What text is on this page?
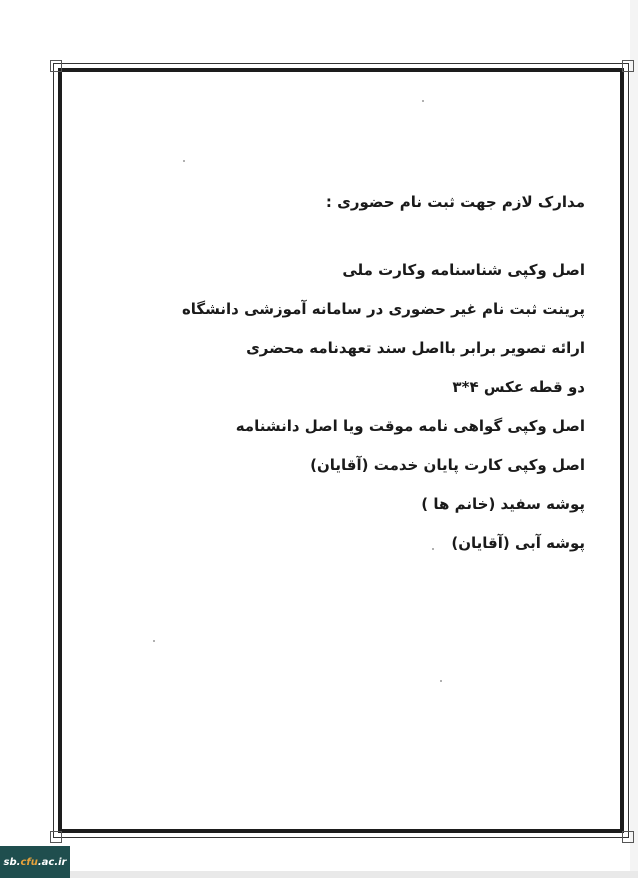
مدارک لازم جهت ثبت نام حضوری :
اصل وکپی شناسنامه وکارت ملی
پرینت ثبت نام غیر حضوری در سامانه آموزشی دانشگاه
ارائه تصویر برابر بااصل سند تعهدنامه محضری
دو قطه عکس ۴*۳
اصل وکپی گواهی نامه موقت ویا اصل دانشنامه
اصل وکپی کارت پایان خدمت (آقایان)
پوشه سفید (خانم ها )
پوشه آبی (آقایان)
sb.cfu.ac.ir
